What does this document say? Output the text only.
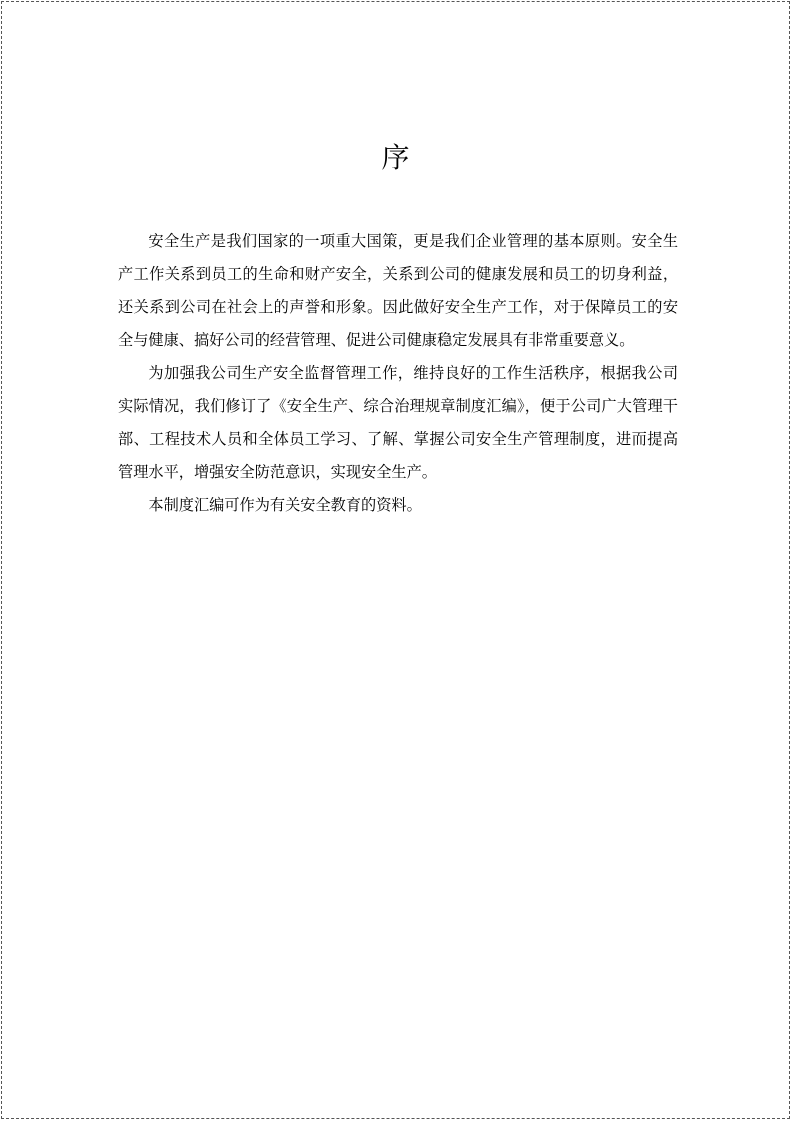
序

安全生产是我们国家的一项重大国策，更是我们企业管理的基本原则。安全生产工作关系到员工的生命和财产安全，关系到公司的健康发展和员工的切身利益，还关系到公司在社会上的声誉和形象。因此做好安全生产工作，对于保障员工的安全与健康、搞好公司的经营管理、促进公司健康稳定发展具有非常重要意义。

为加强我公司生产安全监督管理工作，维持良好的工作生活秩序，根据我公司实际情况，我们修订了《安全生产、综合治理规章制度汇编》，便于公司广大管理干部、工程技术人员和全体员工学习、了解、掌握公司安全生产管理制度，进而提高管理水平，增强安全防范意识，实现安全生产。

本制度汇编可作为有关安全教育的资料。
